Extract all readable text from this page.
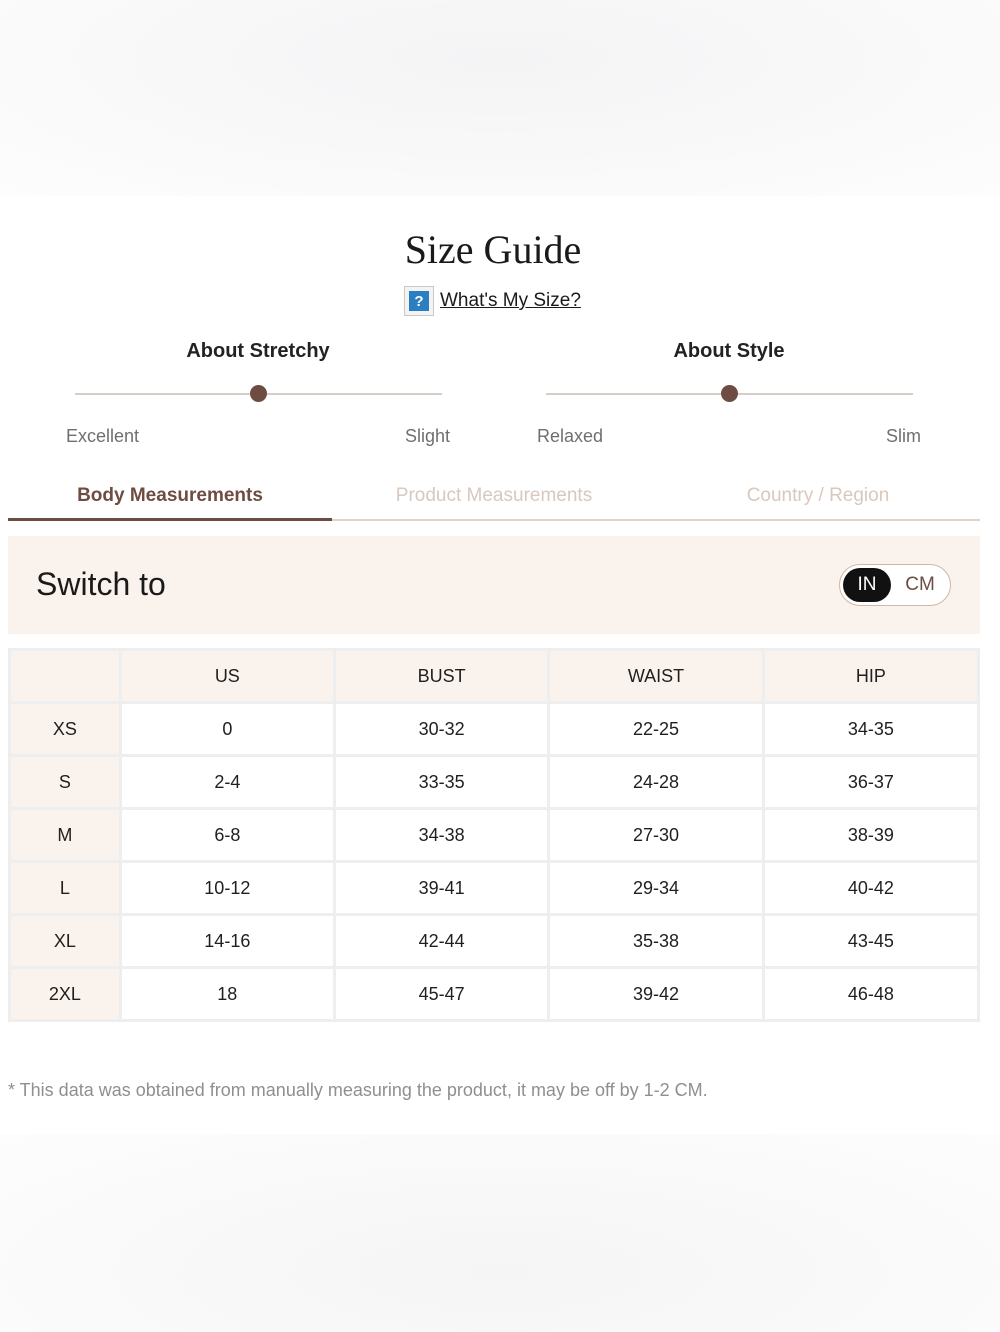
Size Guide
? What's My Size?
About Stretchy
Excellent	Slight
About Style
Relaxed	Slim
Body Measurements	Product Measurements	Country / Region
Switch to	IN	CM
	US	BUST	WAIST	HIP
XS	0	30-32	22-25	34-35
S	2-4	33-35	24-28	36-37
M	6-8	34-38	27-30	38-39
L	10-12	39-41	29-34	40-42
XL	14-16	42-44	35-38	43-45
2XL	18	45-47	39-42	46-48
* This data was obtained from manually measuring the product, it may be off by 1-2 CM.
